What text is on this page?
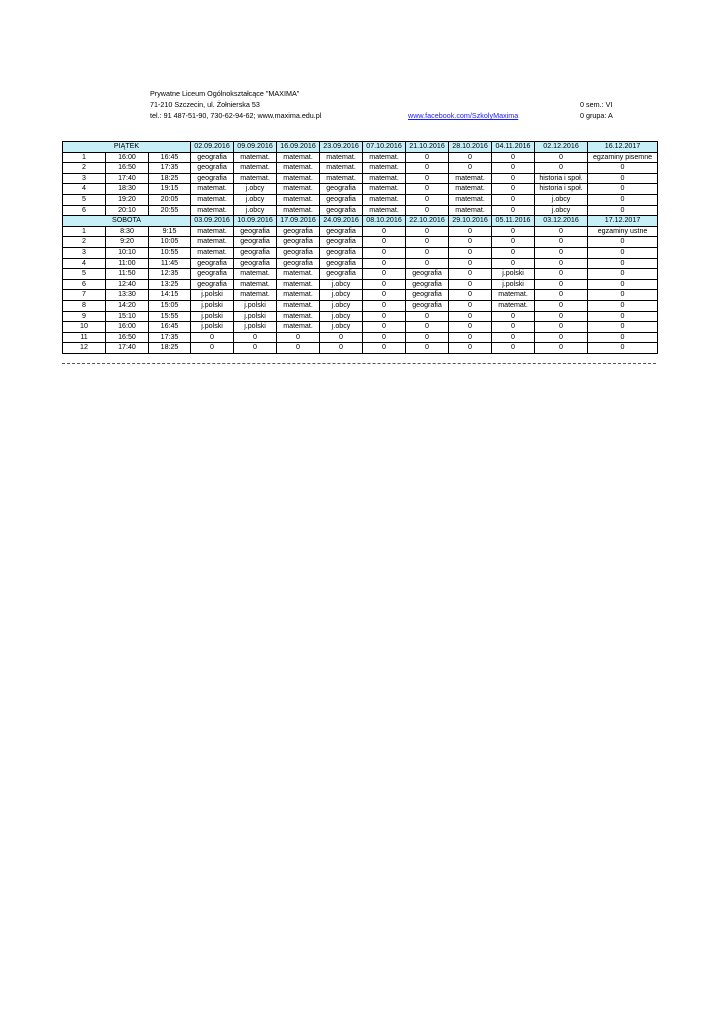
Prywatne Liceum Ogólnokształcące "MAXIMA"
71-210 Szczecin, ul. Żołnierska 53	0 sem.: VI
tel.: 91 487-51-90, 730-62-94-62; www.maxima.edu.pl	www.facebook.com/SzkolyMaxima	0 grupa: A
PIĄTEK			02.09.2016	09.09.2016	16.09.2016	23.09.2016	07.10.2016	21.10.2016	28.10.2016	04.11.2016	02.12.2016	16.12.2017
1	16:00	16:45	geografia	matemat.	matemat.	matemat.	matemat.	0	0	0	0	egzaminy pisemne
2	16:50	17:35	geografia	matemat.	matemat.	matemat.	matemat.	0	0	0	0	0
3	17:40	18:25	geografia	matemat.	matemat.	matemat.	matemat.	0	matemat.	0	historia i społ.	0
4	18:30	19:15	matemat.	j.obcy	matemat.	geografia	matemat.	0	matemat.	0	historia i społ.	0
5	19:20	20:05	matemat.	j.obcy	matemat.	geografia	matemat.	0	matemat.	0	j.obcy	0
6	20:10	20:55	matemat.	j.obcy	matemat.	geografia	matemat.	0	matemat.	0	j.obcy	0
SOBOTA			03.09.2016	10.09.2016	17.09.2016	24.09.2016	08.10.2016	22.10.2016	29.10.2016	05.11.2016	03.12.2016	17.12.2017
1	8:30	9:15	matemat.	geografia	geografia	geografia	0	0	0	0	0	egzaminy ustne
2	9:20	10:05	matemat.	geografia	geografia	geografia	0	0	0	0	0	0
3	10:10	10:55	matemat.	geografia	geografia	geografia	0	0	0	0	0	0
4	11:00	11:45	geografia	geografia	geografia	geografia	0	0	0	0	0	0
5	11:50	12:35	geografia	matemat.	matemat.	geografia	0	geografia	0	j.polski	0	0
6	12:40	13:25	geografia	matemat.	matemat.	j.obcy	0	geografia	0	j.polski	0	0
7	13:30	14:15	j.polski	matemat.	matemat.	j.obcy	0	geografia	0	matemat.	0	0
8	14:20	15:05	j.polski	j.polski	matemat.	j.obcy	0	geografia	0	matemat.	0	0
9	15:10	15:55	j.polski	j.polski	matemat.	j.obcy	0	0	0	0	0	0
10	16:00	16:45	j.polski	j.polski	matemat.	j.obcy	0	0	0	0	0	0
11	16:50	17:35	0	0	0	0	0	0	0	0	0	0
12	17:40	18:25	0	0	0	0	0	0	0	0	0	0
